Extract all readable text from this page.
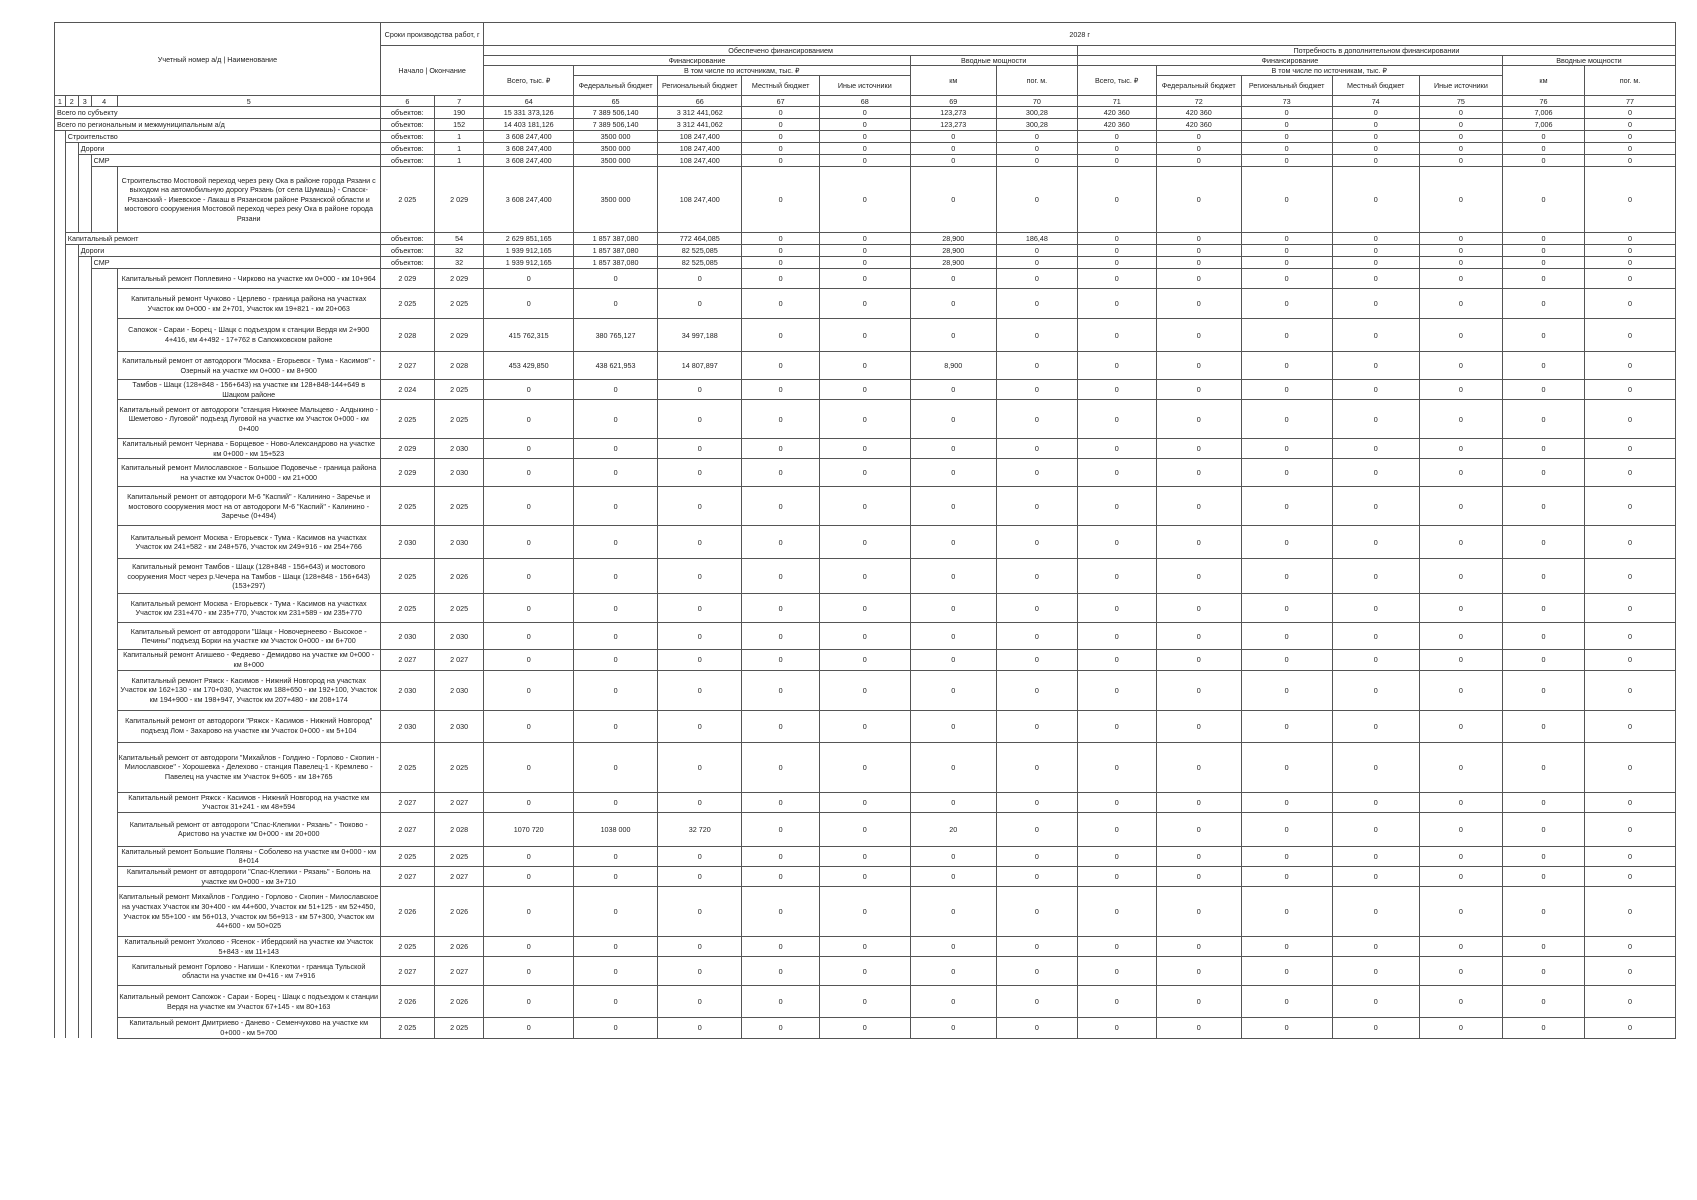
Учетный номер а/д | Наименование					Сроки производства работ, г		2028 г													
					Начало | Окончание		Обеспечено финансированием							Потребность в дополнительном финансировании						
							Финансирование					Вводные мощности		Финансирование					Вводные мощности	
							Всего, тыс. ₽	В том числе по источникам, тыс. ₽				км	пог. м.	Всего, тыс. ₽	В том числе по источникам, тыс. ₽				км	пог. м.
								Федеральный бюджет	Региональный бюджет	Местный бюджет	Иные источники				Федеральный бюджет	Региональный бюджет	Местный бюджет	Иные источники		
1	2	3	4	5	6	7	64	65	66	67	68	69	70	71	72	73	74	75	76	77
Всего по субъекту					объектов:	190	15 331 373,126	7 389 506,140	3 312 441,062	0	0	123,273	300,28	420 360	420 360	0	0	0	7,006	0
Всего по региональным и межмуниципальным а/д					объектов:	152	14 403 181,126	7 389 506,140	3 312 441,062	0	0	123,273	300,28	420 360	420 360	0	0	0	7,006	0
	Строительство				объектов:	1	3 608 247,400	3500 000	108 247,400	0	0	0	0	0	0	0	0	0	0	0
		Дороги			объектов:	1	3 608 247,400	3500 000	108 247,400	0	0	0	0	0	0	0	0	0	0	0
			СМР		объектов:	1	3 608 247,400	3500 000	108 247,400	0	0	0	0	0	0	0	0	0	0	0
				Строительство Мостовой переход через реку Ока в районе города Рязани с выходом на автомобильную дорогу Рязань (от села Шумашь) - Спасск-Рязанский - Ижевское - Лакаш в Рязанском районе Рязанской области и мостового сооружения Мостовой переход через реку Ока в районе города Рязани	2 025	2 029	3 608 247,400	3500 000	108 247,400	0	0	0	0	0	0	0	0	0	0	0
	Капитальный ремонт				объектов:	54	2 629 851,165	1 857 387,080	772 464,085	0	0	28,900	186,48	0	0	0	0	0	0	0
		Дороги			объектов:	32	1 939 912,165	1 857 387,080	82 525,085	0	0	28,900	0	0	0	0	0	0	0	0
			СМР		объектов:	32	1 939 912,165	1 857 387,080	82 525,085	0	0	28,900	0	0	0	0	0	0	0	0
				Капитальный ремонт Поплевино - Чирково на участке км 0+000 - км 10+964	2 029	2 029	0	0	0	0	0	0	0	0	0	0	0	0	0	0
				Капитальный ремонт Чучково - Церлево - граница района на участках Участок км 0+000 - км 2+701, Участок км 19+821 - км 20+063	2 025	2 025	0	0	0	0	0	0	0	0	0	0	0	0	0	0
				Сапожок - Сараи - Борец - Шацк с подъездом к станции Вердя км 2+900 4+416, км 4+492 - 17+762 в Сапожковском районе	2 028	2 029	415 762,315	380 765,127	34 997,188	0	0	0	0	0	0	0	0	0	0	0
				Капитальный ремонт от автодороги "Москва - Егорьевск - Тума - Касимов" - Озерный на участке км 0+000 - км 8+900	2 027	2 028	453 429,850	438 621,953	14 807,897	0	0	8,900	0	0	0	0	0	0	0	0
				Тамбов - Шацк (128+848 - 156+643) на участке км 128+848-144+649 в Шацком районе	2 024	2 025	0	0	0	0	0	0	0	0	0	0	0	0	0	0
				Капитальный ремонт от автодороги "станция Нижнее Мальцево - Алдыкино - Шеметово - Луговой" подъезд Луговой на участке км Участок 0+000 - км 0+400	2 025	2 025	0	0	0	0	0	0	0	0	0	0	0	0	0	0
				Капитальный ремонт Чернава - Борщевое - Ново-Александрово на участке км 0+000 - км 15+523	2 029	2 030	0	0	0	0	0	0	0	0	0	0	0	0	0	0
				Капитальный ремонт Милославское - Большое Подовечье - граница района на участке км Участок 0+000 - км 21+000	2 029	2 030	0	0	0	0	0	0	0	0	0	0	0	0	0	0
				Капитальный ремонт от автодороги М-6 "Каспий" - Калинино - Заречье и мостового сооружения мост на от автодороги М-6 "Каспий" - Калинино - Заречье (0+494)	2 025	2 025	0	0	0	0	0	0	0	0	0	0	0	0	0	0
				Капитальный ремонт Москва - Егорьевск - Тума - Касимов на участках Участок км 241+582 - км 248+576, Участок км 249+916 - км 254+766	2 030	2 030	0	0	0	0	0	0	0	0	0	0	0	0	0	0
				Капитальный ремонт Тамбов - Шацк (128+848 - 156+643) и мостового сооружения Мост через р.Чечера на Тамбов - Шацк (128+848 - 156+643) (153+297)	2 025	2 026	0	0	0	0	0	0	0	0	0	0	0	0	0	0
				Капитальный ремонт Москва - Егорьевск - Тума - Касимов на участках Участок км 231+470 - км 235+770, Участок км 231+589 - км 235+770	2 025	2 025	0	0	0	0	0	0	0	0	0	0	0	0	0	0
				Капитальный ремонт от автодороги "Шацк - Новочернеево - Высокое - Печины" подъезд Борки на участке км Участок 0+000 - км 6+700	2 030	2 030	0	0	0	0	0	0	0	0	0	0	0	0	0	0
				Капитальный ремонт Агишево - Федяево - Демидово на участке км 0+000 - км 8+000	2 027	2 027	0	0	0	0	0	0	0	0	0	0	0	0	0	0
				Капитальный ремонт Ряжск - Касимов - Нижний Новгород на участках Участок км 162+130 - км 170+030, Участок км 188+650 - км 192+100, Участок км 194+900 - км 198+947, Участок км 207+480 - км 208+174	2 030	2 030	0	0	0	0	0	0	0	0	0	0	0	0	0	0
				Капитальный ремонт от автодороги "Ряжск - Касимов - Нижний Новгород" подъезд Лом - Захарово на участке км Участок 0+000 - км 5+104	2 030	2 030	0	0	0	0	0	0	0	0	0	0	0	0	0	0
				Капитальный ремонт от автодороги "Михайлов - Голдино - Горлово - Скопин - Милославское" - Хорошевка - Делехово - станция Павелец-1 - Кремлево - Павелец на участке км Участок 9+605 - км 18+765	2 025	2 025	0	0	0	0	0	0	0	0	0	0	0	0	0	0
				Капитальный ремонт Ряжск - Касимов - Нижний Новгород на участке км Участок 31+241 - км 48+594	2 027	2 027	0	0	0	0	0	0	0	0	0	0	0	0	0	0
				Капитальный ремонт от автодороги "Спас-Клепики - Рязань" - Тюково - Аристово на участке км 0+000 - км 20+000	2 027	2 028	1070 720	1038 000	32 720	0	0	20	0	0	0	0	0	0	0	0
				Капитальный ремонт Большие Поляны - Соболево на участке км 0+000 - км 8+014	2 025	2 025	0	0	0	0	0	0	0	0	0	0	0	0	0	0
				Капитальный ремонт от автодороги "Спас-Клепики - Рязань" - Болонь на участке км 0+000 - км 3+710	2 027	2 027	0	0	0	0	0	0	0	0	0	0	0	0	0	0
				Капитальный ремонт Михайлов - Голдино - Горлово - Скопин - Милославское на участках Участок км 30+400 - км 44+600, Участок км 51+125 - км 52+450, Участок км 55+100 - км 56+013, Участок км 56+913 - км 57+300, Участок км 44+600 - км 50+025	2 026	2 026	0	0	0	0	0	0	0	0	0	0	0	0	0	0
				Капитальный ремонт Ухолово - Ясенок - Ибердский на участке км Участок 5+843 - км 11+143	2 025	2 026	0	0	0	0	0	0	0	0	0	0	0	0	0	0
				Капитальный ремонт Горлово - Нагиши - Клекотки - граница Тульской области на участке км 0+416 - км 7+916	2 027	2 027	0	0	0	0	0	0	0	0	0	0	0	0	0	0
				Капитальный ремонт Сапожок - Сараи - Борец - Шацк с подъездом к станции Вердя на участке км Участок 67+145 - км 80+163	2 026	2 026	0	0	0	0	0	0	0	0	0	0	0	0	0	0
				Капитальный ремонт Дмитриево - Данево - Семенчуково на участке км 0+000 - км 5+700	2 025	2 025	0	0	0	0	0	0	0	0	0	0	0	0	0	0
